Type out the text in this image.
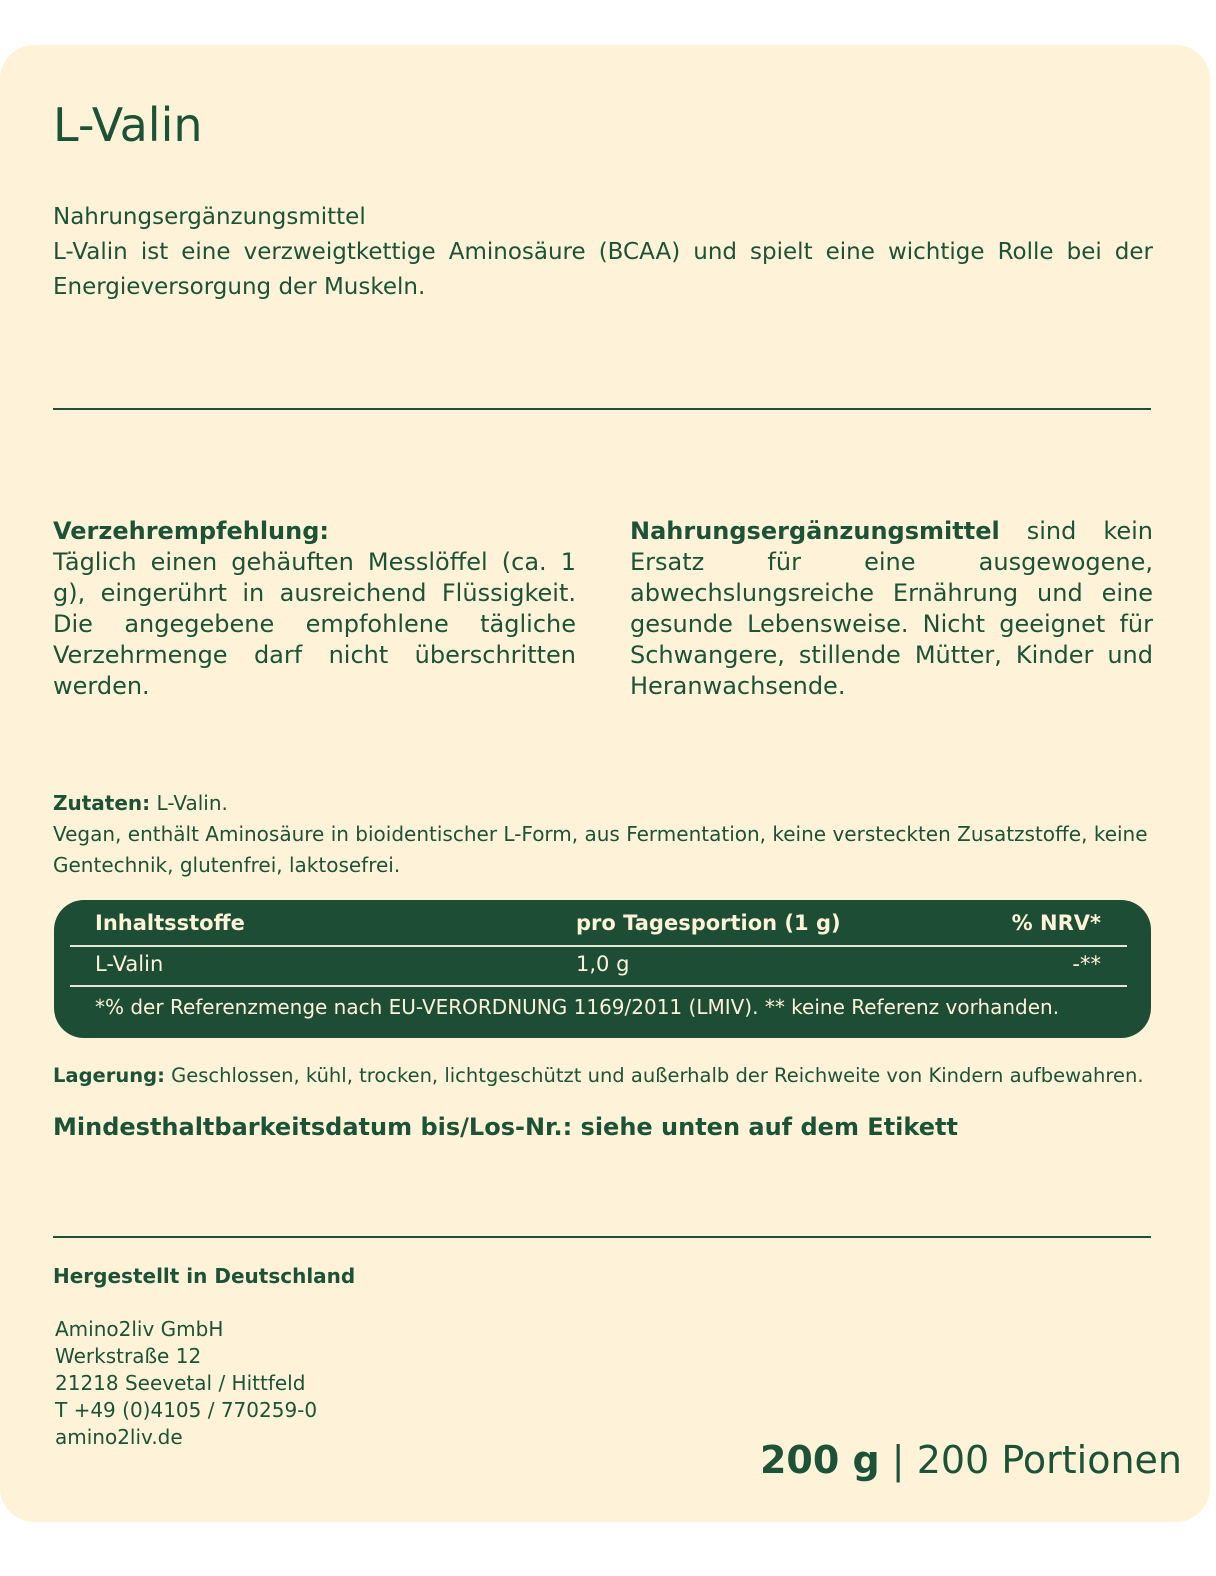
L-Valin
Nahrungsergänzungsmittel
L-Valin ist eine verzweigtkettige Aminosäure (BCAA) und spielt eine wichtige Rolle bei der Energieversorgung der Muskeln.
Verzehrempfehlung:
Täglich einen gehäuften Messlöffel (ca. 1 g), eingerührt in ausreichend Flüssigkeit. Die angegebene empfohlene tägliche Verzehrmenge darf nicht überschritten werden.
Nahrungsergänzungsmittel sind kein Ersatz für eine ausgewogene, abwechslungsreiche Ernährung und eine gesunde Lebensweise. Nicht geeignet für Schwangere, stillende Mütter, Kinder und Heranwachsende.
Zutaten: L-Valin.
Vegan, enthält Aminosäure in bioidentischer L-Form, aus Fermentation, keine versteckten Zusatzstoffe, keine Gentechnik, glutenfrei, laktosefrei.
Inhaltsstoffe	pro Tagesportion (1 g)	% NRV*
L-Valin	1,0 g	-**
*% der Referenzmenge nach EU-VERORDNUNG 1169/2011 (LMIV). ** keine Referenz vorhanden.
Lagerung: Geschlossen, kühl, trocken, lichtgeschützt und außerhalb der Reichweite von Kindern aufbewahren.
Mindesthaltbarkeitsdatum bis/Los-Nr.: siehe unten auf dem Etikett
Hergestellt in Deutschland
Amino2liv GmbH
Werkstraße 12
21218 Seevetal / Hittfeld
T +49 (0)4105 / 770259-0
amino2liv.de
200 g | 200 Portionen
